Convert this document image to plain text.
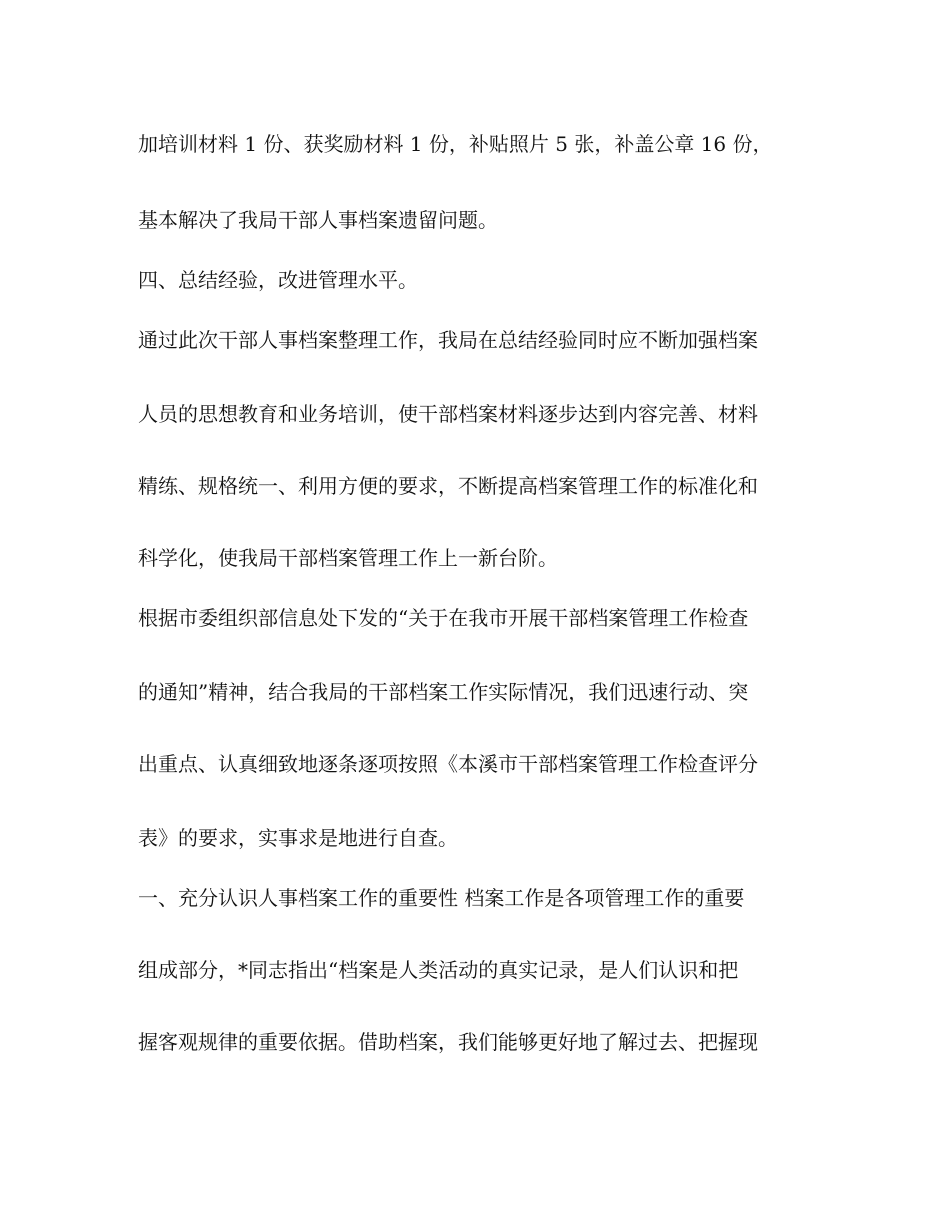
加培训材料 1 份、获奖励材料 1 份，补贴照片 5 张，补盖公章 16 份，
基本解决了我局干部人事档案遗留问题。
四、总结经验，改进管理水平。
通过此次干部人事档案整理工作，我局在总结经验同时应不断加强档案
人员的思想教育和业务培训，使干部档案材料逐步达到内容完善、材料
精练、规格统一、利用方便的要求，不断提高档案管理工作的标准化和
科学化，使我局干部档案管理工作上一新台阶。
根据市委组织部信息处下发的“关于在我市开展干部档案管理工作检查
的通知”精神，结合我局的干部档案工作实际情况，我们迅速行动、突
出重点、认真细致地逐条逐项按照《本溪市干部档案管理工作检查评分
表》的要求，实事求是地进行自查。
一、充分认识人事档案工作的重要性 档案工作是各项管理工作的重要
组成部分，*同志指出“档案是人类活动的真实记录，是人们认识和把
握客观规律的重要依据。借助档案，我们能够更好地了解过去、把握现
